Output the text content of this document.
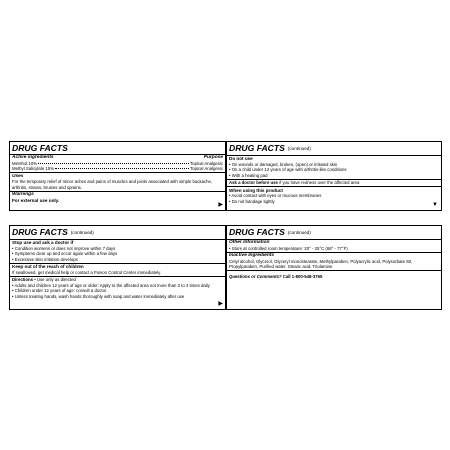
DRUG FACTS
Active ingredients	Purpose
Menthol 10%	Topical Analgesic
Methyl Salicylate 15%	Topical Analgesic
Uses
For the temporary relief of minor aches and pains of muscles and joints associated with simple backache, arthritis, strains, bruises and sprains.
Warnings
For external use only.
▶
DRUG FACTS (continued)
Do not use
• On wounds or damaged, broken, (open) or irritated skin
• On a child under 12 years of age with arthritis-like conditions
• With a heating pad
Ask a doctor before use if you have redness over the affected area
When using this product
• Avoid contact with eyes or mucous membranes
• Do not bandage tightly
▼
DRUG FACTS (continued)
Stop use and ask a doctor if
• Condition worsens or does not improve within 7 days
• Symptoms clear up and occur again within a few days
• Excessive skin irritation develops
Keep out of the reach of children
If swallowed, get medical help or contact a Poison Control Center immediately.
Directions • Use only as directed
• Adults and children 12 years of age or older: Apply to the affected area not more than 3 to 4 times daily
• Children under 12 years of age: consult a doctor
• Unless treating hands, wash hands thoroughly with soap and water immediately after use
▶
DRUG FACTS (continued)
Other Information
• Store at controlled room temperature: 20° - 25°C (68° - 77°F)
Inactive Ingredients
Cetyl alcohol, Glycerol, Glyceryl monostearate, Methylparaben, Polyacrylic acid, Polysorbate 60, Propylparaben, Purified water, Stearic acid, Triolamine
Questions or Comments? Call 1-800-548-3765
